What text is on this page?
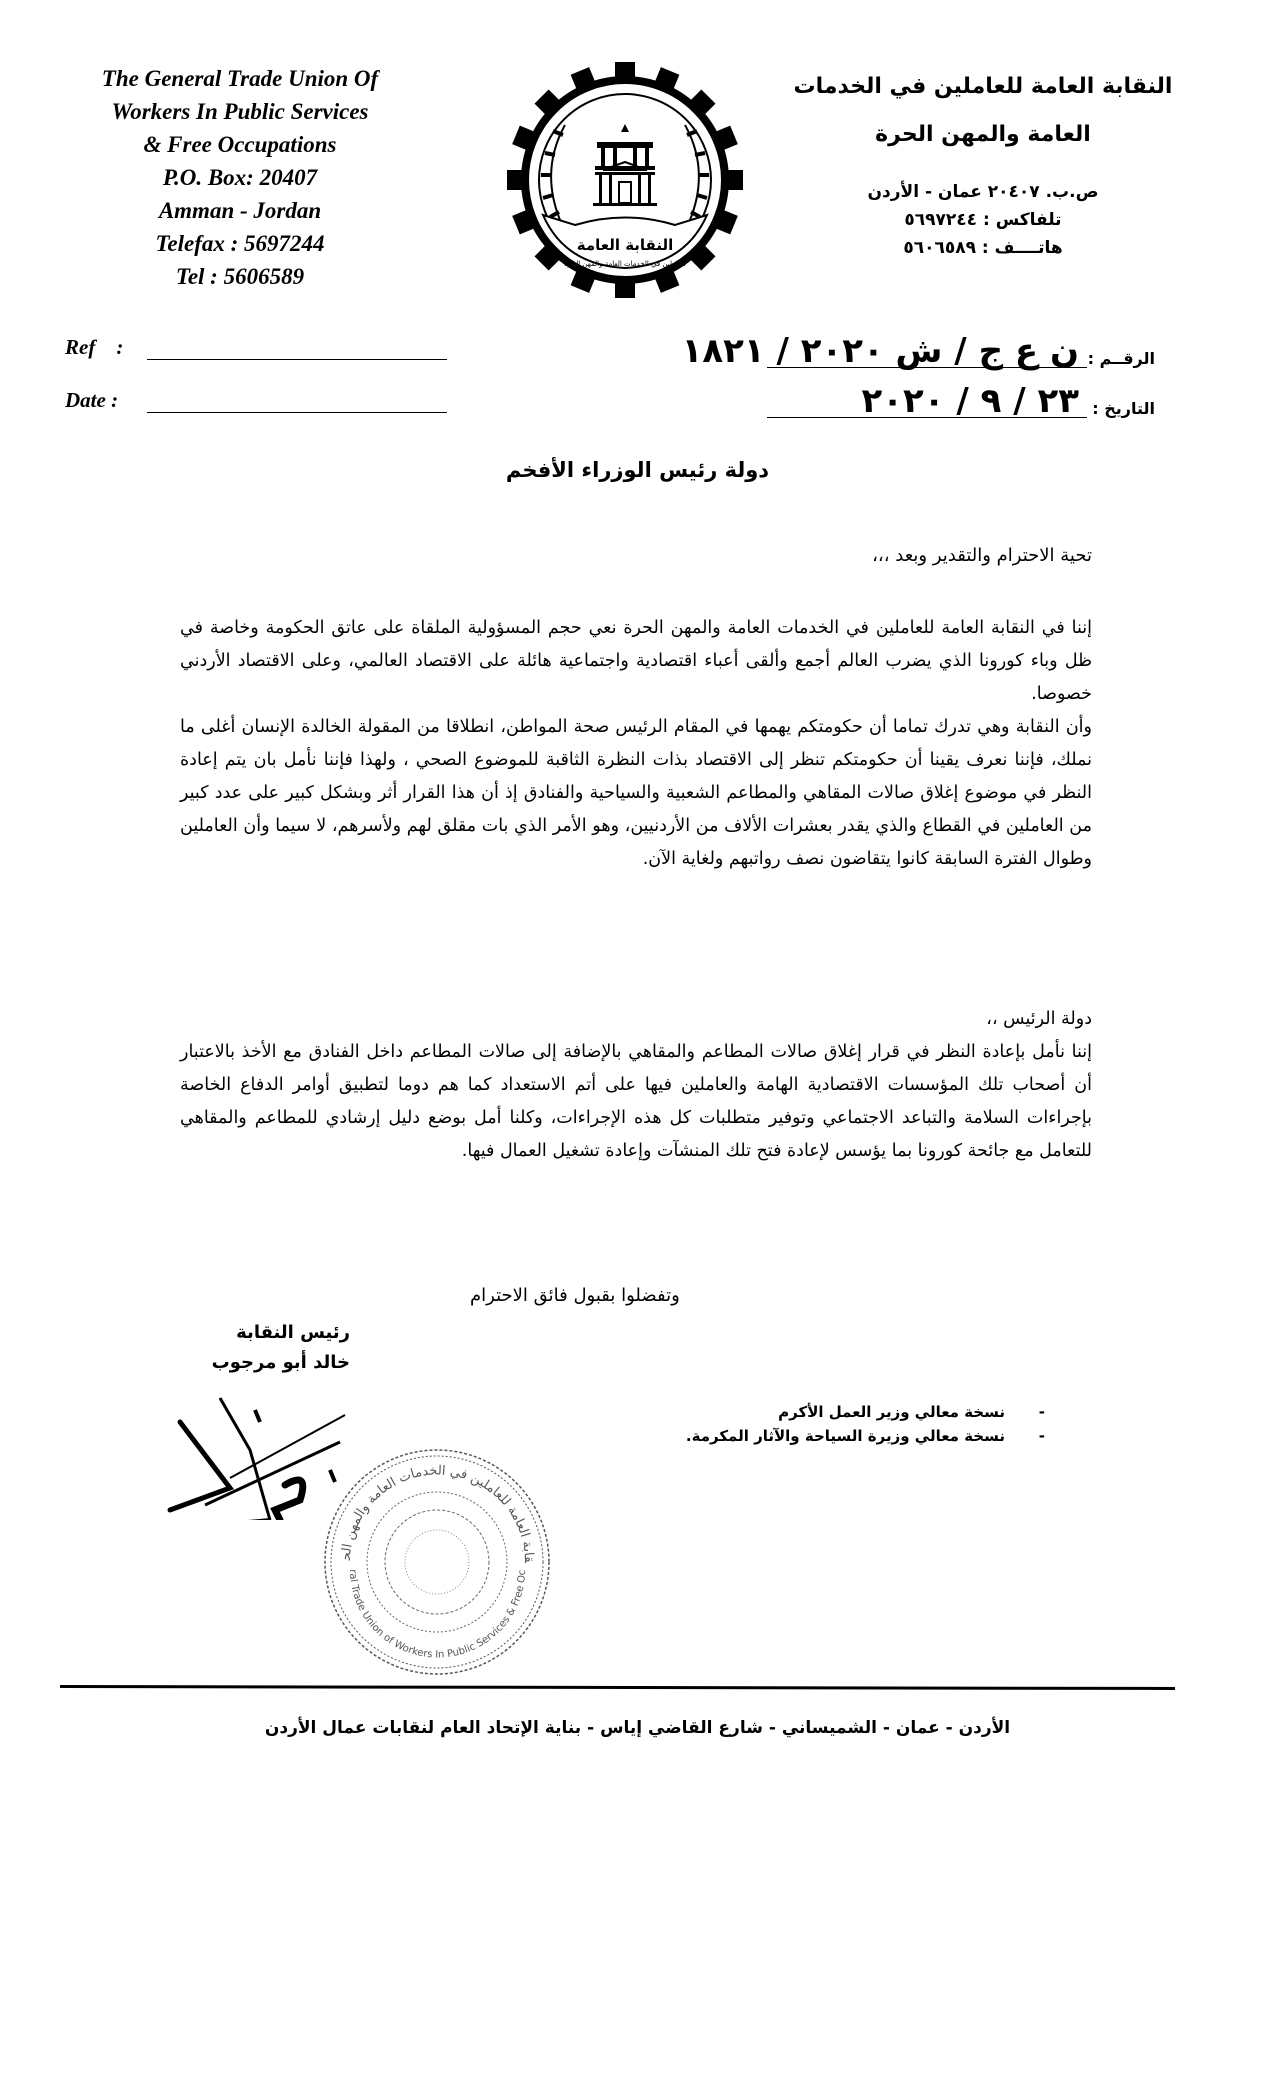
The General Trade Union Of
Workers In Public Services
& Free Occupations
P.O. Box: 20407
Amman - Jordan
Telefax : 5697244
Tel : 5606589
النقابة العامة
للعاملين في الخدمات العامة والمهن الحرة
النقابة العامة للعاملين في الخدمات
العامة والمهن الحرة
ص.ب. ٢٠٤٠٧ عمان - الأردن
تلفاكس : ٥٦٩٧٢٤٤
هاتــــف : ٥٦٠٦٥٨٩
Ref :
Date :
الرقــم :
ن ع ج / ش ٢٠٢٠ / ١٨٢١
التاريخ :
٢٣ / ٩ / ٢٠٢٠
دولة رئيس الوزراء الأفخم
تحية الاحترام والتقدير وبعد ،،،

إننا في النقابة العامة للعاملين في الخدمات العامة والمهن الحرة نعي حجم المسؤولية الملقاة على عاتق الحكومة وخاصة في ظل وباء كورونا الذي يضرب العالم أجمع وألقى أعباء اقتصادية واجتماعية هائلة على الاقتصاد العالمي، وعلى الاقتصاد الأردني خصوصا.

وأن النقابة وهي تدرك تماما أن حكومتكم يهمها في المقام الرئيس صحة المواطن، انطلاقا من المقولة الخالدة الإنسان أغلى ما نملك، فإننا نعرف يقينا أن حكومتكم تنظر إلى الاقتصاد بذات النظرة الثاقبة للموضوع الصحي ، ولهذا فإننا نأمل بان يتم إعادة النظر في موضوع إغلاق صالات المقاهي والمطاعم الشعبية والسياحية والفنادق إذ أن هذا القرار أثر وبشكل كبير على عدد كبير من العاملين في القطاع والذي يقدر بعشرات الألاف من الأردنيين، وهو الأمر الذي بات مقلق لهم ولأسرهم، لا سيما وأن العاملين وطوال الفترة السابقة كانوا يتقاضون نصف رواتبهم ولغاية الآن.

دولة الرئيس ،،

إننا نأمل بإعادة النظر في قرار إغلاق صالات المطاعم والمقاهي بالإضافة إلى صالات المطاعم داخل الفنادق مع الأخذ بالاعتبار أن أصحاب تلك المؤسسات الاقتصادية الهامة والعاملين فيها على أتم الاستعداد كما هم دوما لتطبيق أوامر الدفاع الخاصة بإجراءات السلامة والتباعد الاجتماعي وتوفير متطلبات كل هذه الإجراءات، وكلنا أمل بوضع دليل إرشادي للمطاعم والمقاهي للتعامل مع جائحة كورونا بما يؤسس لإعادة فتح تلك المنشآت وإعادة تشغيل العمال فيها.

وتفضلوا بقبول فائق الاحترام
رئيس النقابة
خالد أبو مرجوب
قابة العامة للعاملين في الخدمات العامة والمهن الح
ral Trade Union of Workers In Public Services & Free Oc
-نسخة معالي وزير العمل الأكرم
-نسخة معالي وزيرة السياحة والآثار المكرمة.
الأردن - عمان - الشميساني - شارع القاضي إياس - بناية الإتحاد العام لنقابات عمال الأردن
